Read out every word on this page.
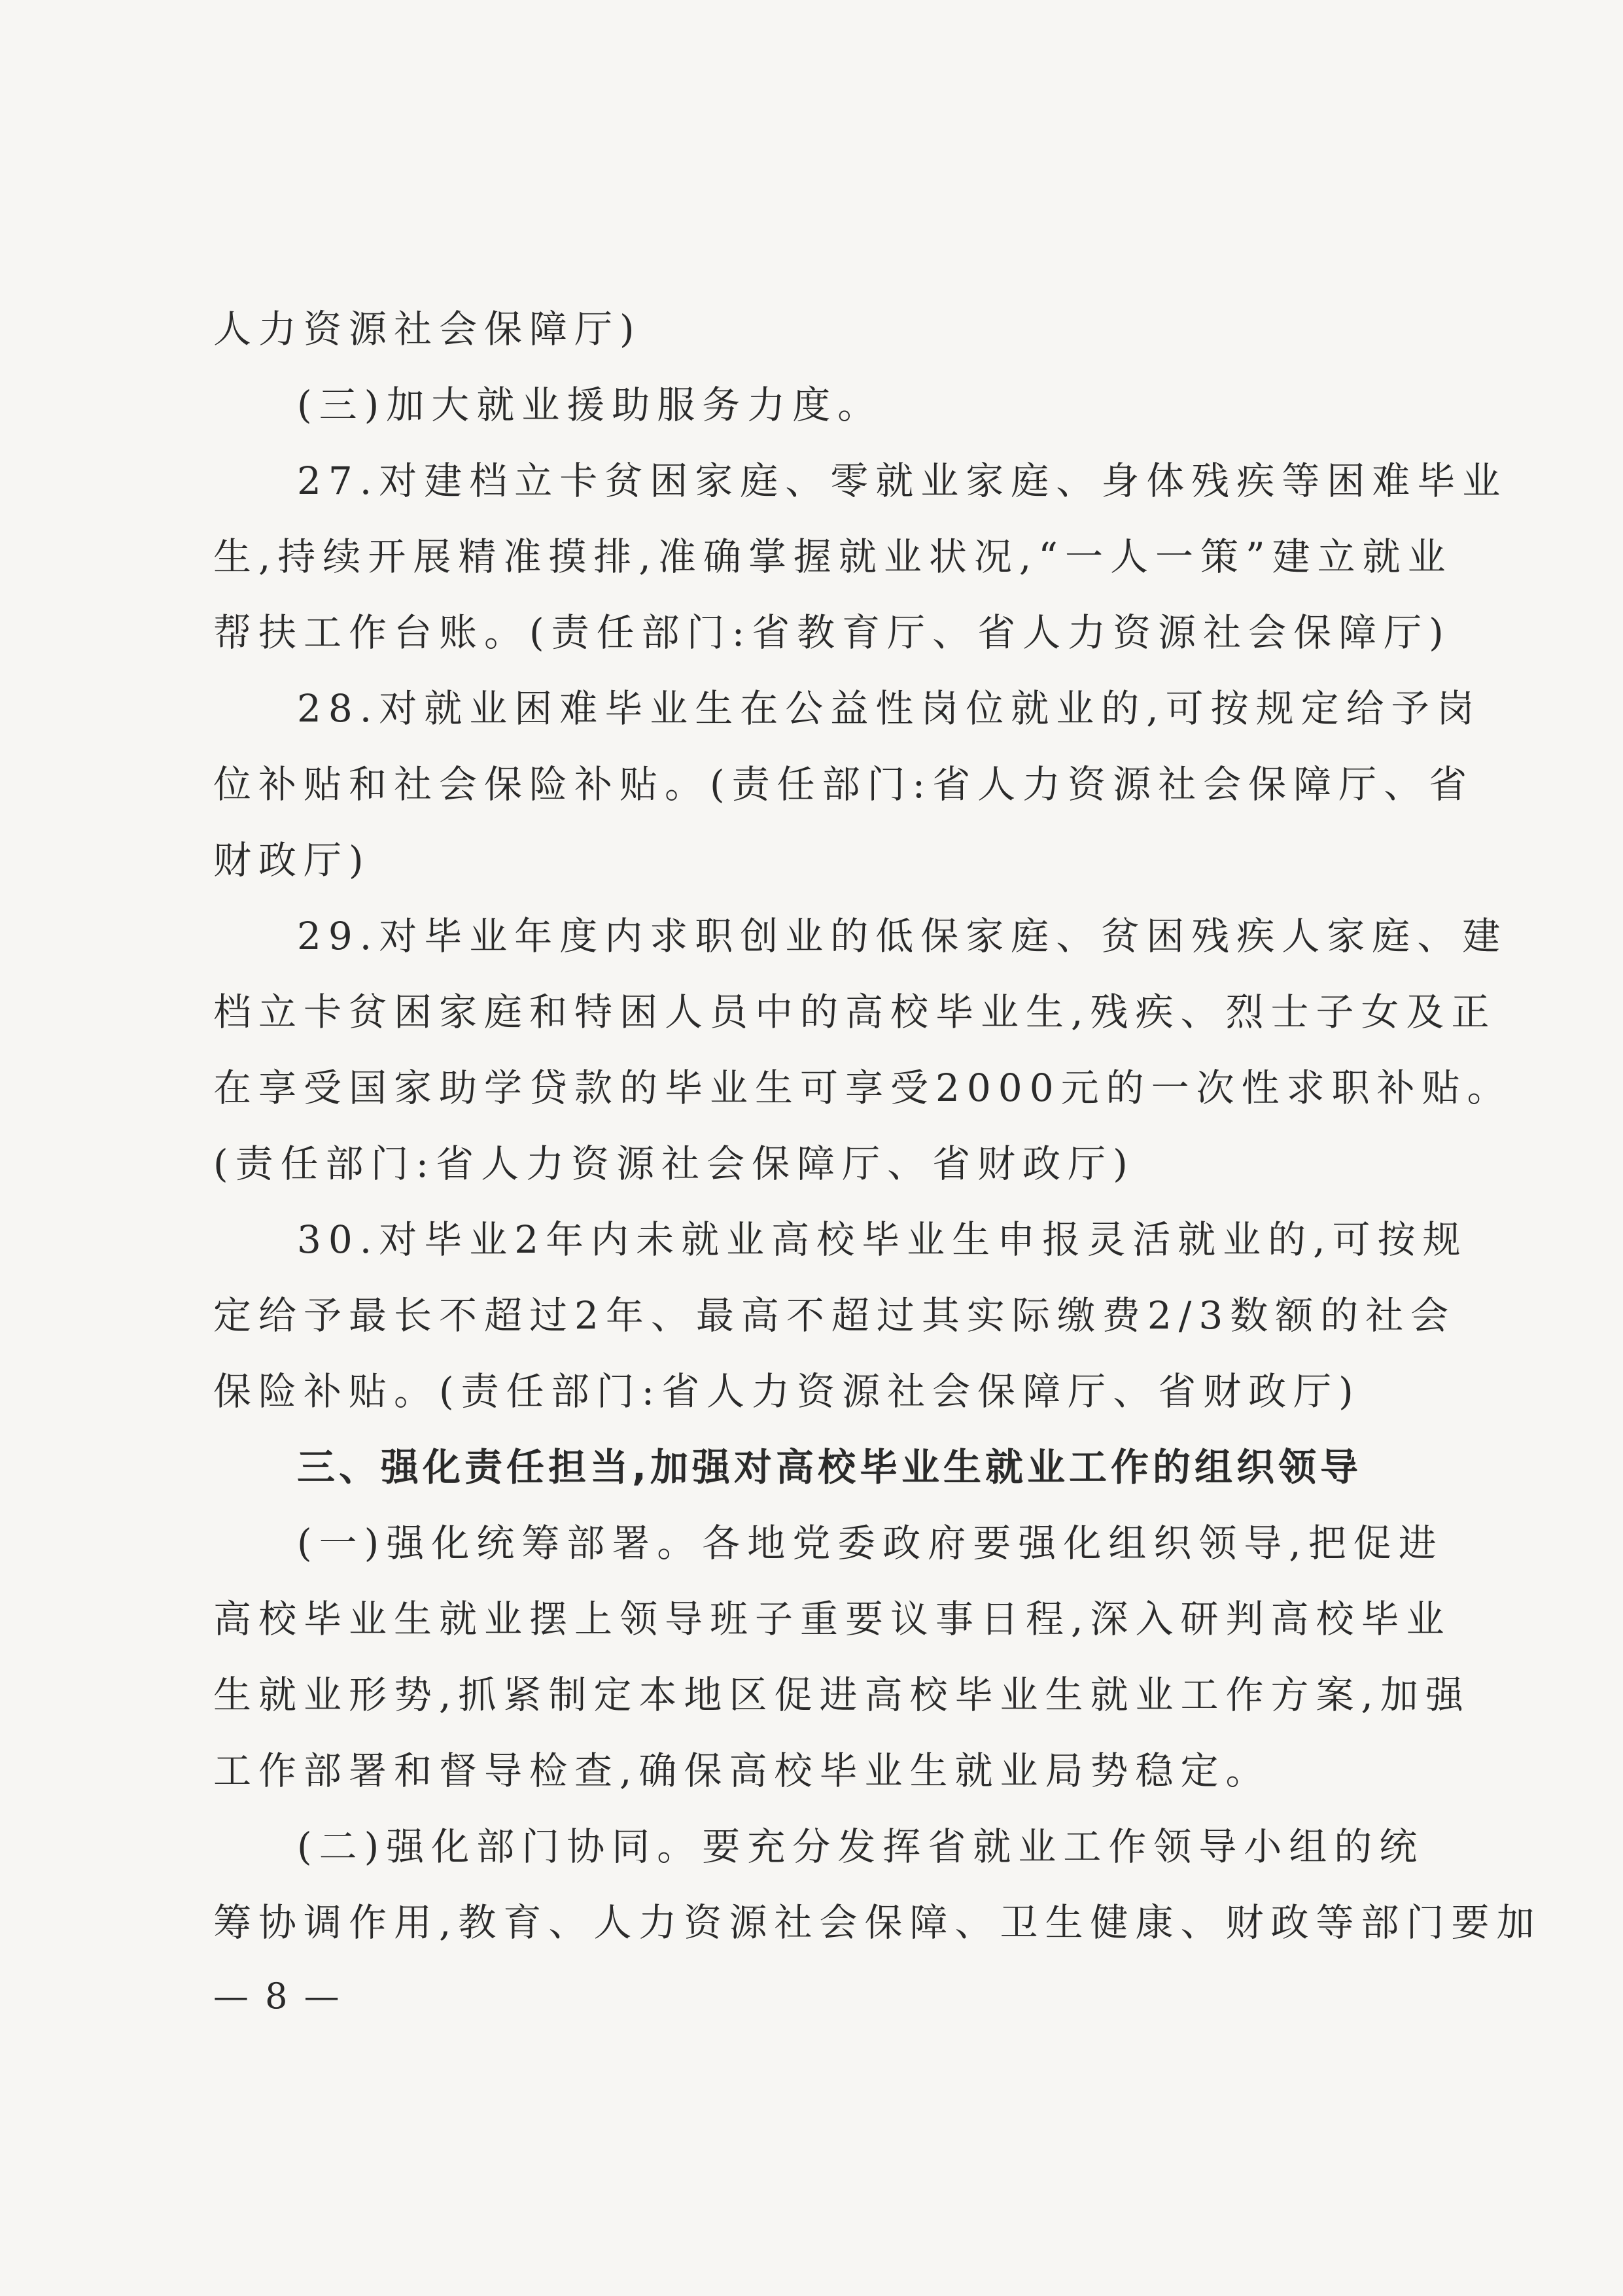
人力资源社会保障厅)
(三)加大就业援助服务力度。
27.对建档立卡贫困家庭、零就业家庭、身体残疾等困难毕业
生,持续开展精准摸排,准确掌握就业状况,“一人一策”建立就业
帮扶工作台账。(责任部门:省教育厅、省人力资源社会保障厅)
28.对就业困难毕业生在公益性岗位就业的,可按规定给予岗
位补贴和社会保险补贴。(责任部门:省人力资源社会保障厅、省
财政厅)
29.对毕业年度内求职创业的低保家庭、贫困残疾人家庭、建
档立卡贫困家庭和特困人员中的高校毕业生,残疾、烈士子女及正
在享受国家助学贷款的毕业生可享受2000元的一次性求职补贴。
(责任部门:省人力资源社会保障厅、省财政厅)
30.对毕业2年内未就业高校毕业生申报灵活就业的,可按规
定给予最长不超过2年、最高不超过其实际缴费2/3数额的社会
保险补贴。(责任部门:省人力资源社会保障厅、省财政厅)
三、强化责任担当,加强对高校毕业生就业工作的组织领导
(一)强化统筹部署。各地党委政府要强化组织领导,把促进
高校毕业生就业摆上领导班子重要议事日程,深入研判高校毕业
生就业形势,抓紧制定本地区促进高校毕业生就业工作方案,加强
工作部署和督导检查,确保高校毕业生就业局势稳定。
(二)强化部门协同。要充分发挥省就业工作领导小组的统
筹协调作用,教育、人力资源社会保障、卫生健康、财政等部门要加
— 8 —
